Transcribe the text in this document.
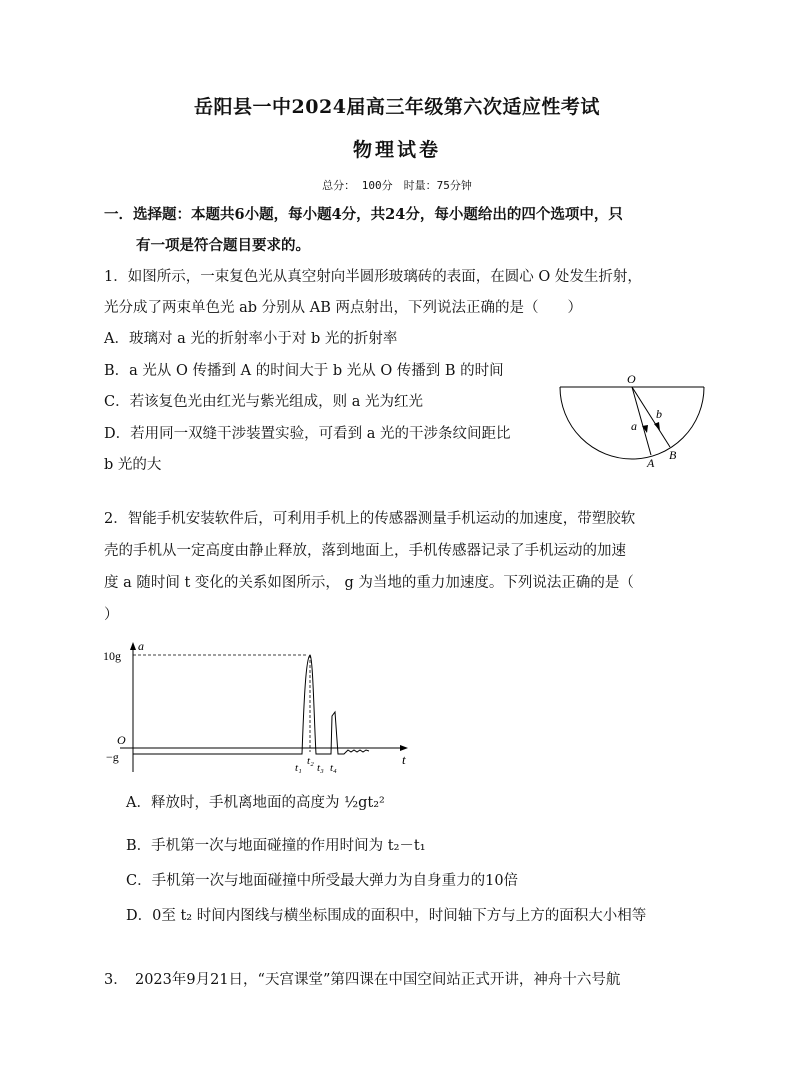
岳阳县一中2024届高三年级第六次适应性考试
物理试卷
总分： 100分　时量：75分钟
一．选择题：本题共6小题，每小题4分，共24分，每小题给出的四个选项中，只
有一项是符合题目要求的。
1．如图所示，一束复色光从真空射向半圆形玻璃砖的表面，在圆心 O 处发生折射，
光分成了两束单色光 ab 分别从 AB 两点射出，下列说法正确的是（　　）
A．玻璃对 a 光的折射率小于对 b 光的折射率
B．a 光从 O 传播到 A 的时间大于 b 光从 O 传播到 B 的时间
C．若该复色光由红光与紫光组成，则 a 光为红光
D．若用同一双缝干涉装置实验，可看到 a 光的干涉条纹间距比
b 光的大
O
a
b
A
B
2．智能手机安装软件后，可利用手机上的传感器测量手机运动的加速度，带塑胶软
壳的手机从一定高度由静止释放，落到地面上，手机传感器记录了手机运动的加速
度 a 随时间 t 变化的关系如图所示， g 为当地的重力加速度。下列说法正确的是（
）
a
t
10g
O
−g
t₁
t₂
t₃ t₄
A．释放时，手机离地面的高度为 ½gt₂²
B．手机第一次与地面碰撞的作用时间为 t₂－t₁
C．手机第一次与地面碰撞中所受最大弹力为自身重力的10倍
D．0至 t₂ 时间内图线与横坐标围成的面积中，时间轴下方与上方的面积大小相等
3．　2023年9月21日，“天宫课堂”第四课在中国空间站正式开讲，神舟十六号航
